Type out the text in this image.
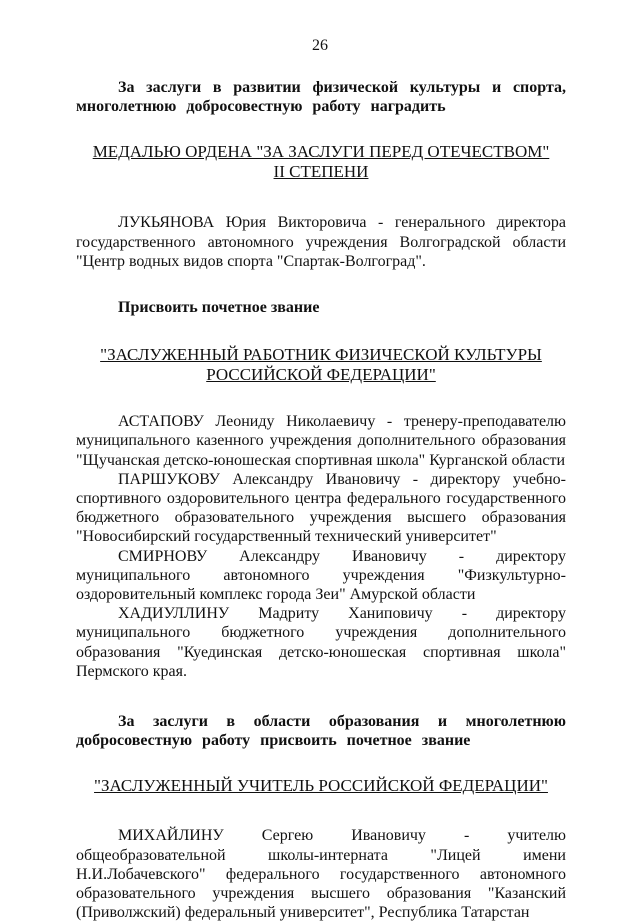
26

За заслуги в развитии физической культуры и спорта, многолетнюю добросовестную работу наградить

МЕДАЛЬЮ ОРДЕНА "ЗА ЗАСЛУГИ ПЕРЕД ОТЕЧЕСТВОМ"

II СТЕПЕНИ

ЛУКЬЯНОВА Юрия Викторовича - генерального директора государственного автономного учреждения Волгоградской области "Центр водных видов спорта "Спартак-Волгоград".

Присвоить почетное звание

"ЗАСЛУЖЕННЫЙ РАБОТНИК ФИЗИЧЕСКОЙ КУЛЬТУРЫ

РОССИЙСКОЙ ФЕДЕРАЦИИ"

АСТАПОВУ Леониду Николаевичу - тренеру-преподавателю муниципального казенного учреждения дополнительного образования "Щучанская детско-юношеская спортивная школа" Курганской области

ПАРШУКОВУ Александру Ивановичу - директору учебно-спортивного оздоровительного центра федерального государственного бюджетного образовательного учреждения высшего образования "Новосибирский государственный технический университет"

СМИРНОВУ Александру Ивановичу - директору муниципального автономного учреждения "Физкультурно-оздоровительный комплекс города Зеи" Амурской области

ХАДИУЛЛИНУ Мадриту Ханиповичу - директору муниципального бюджетного учреждения дополнительного образования "Куединская детско-юношеская спортивная школа" Пермского края.

За заслуги в области образования и многолетнюю добросовестную работу присвоить почетное звание

"ЗАСЛУЖЕННЫЙ УЧИТЕЛЬ РОССИЙСКОЙ ФЕДЕРАЦИИ"

МИХАЙЛИНУ Сергею Ивановичу - учителю общеобразовательной школы-интерната "Лицей имени Н.И.Лобачевского" федерального государственного автономного образовательного учреждения высшего образования "Казанский (Приволжский) федеральный университет", Республика Татарстан
